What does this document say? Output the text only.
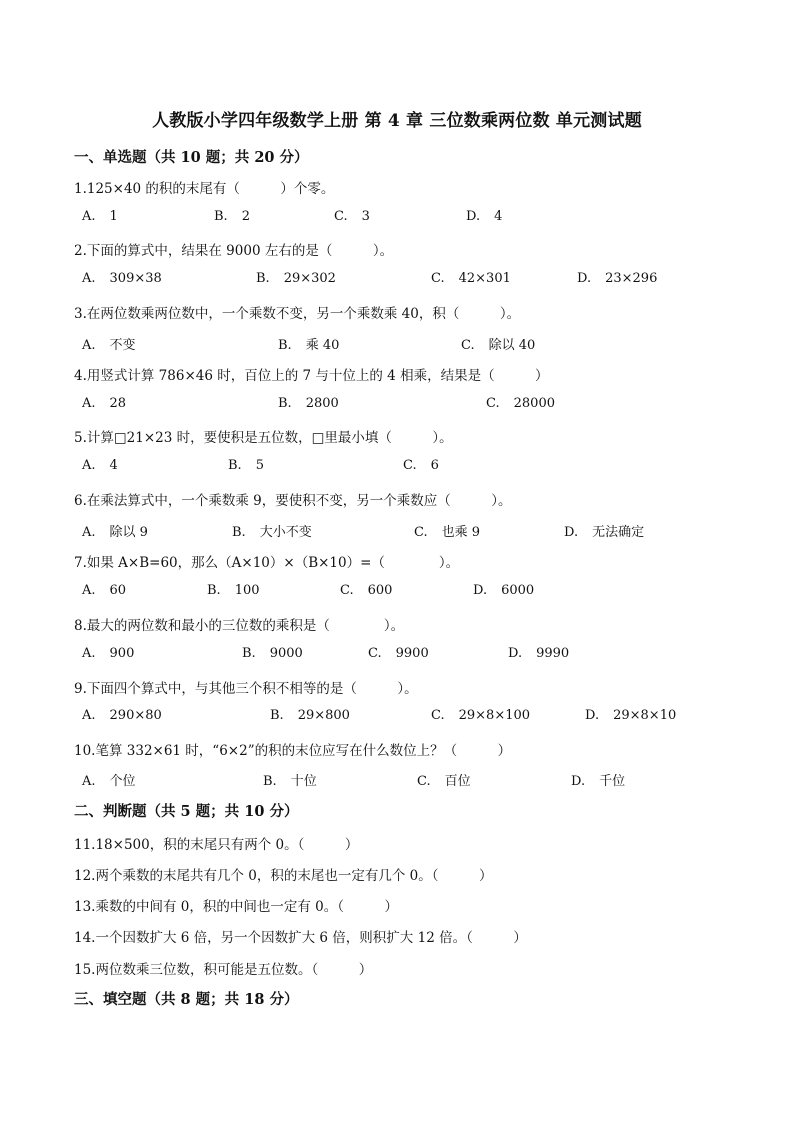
人教版小学四年级数学上册 第 4 章 三位数乘两位数 单元测试题
一、单选题（共 10 题；共 20 分）
1.125×40 的积的末尾有（　　　）个零。
A. 1	B. 2	C. 3	D. 4
2.下面的算式中，结果在 9000 左右的是（　　　）。
A. 309×38	B. 29×302	C. 42×301	D. 23×296
3.在两位数乘两位数中，一个乘数不变，另一个乘数乘 40，积（　　　）。
A. 不变	B. 乘 40	C. 除以 40
4.用竖式计算 786×46 时，百位上的 7 与十位上的 4 相乘，结果是（　　　）
A. 28	B. 2800	C. 28000
5.计算□21×23 时，要使积是五位数，□里最小填（　　　）。
A. 4	B. 5	C. 6
6.在乘法算式中，一个乘数乘 9，要使积不变，另一个乘数应（　　　）。
A. 除以 9	B. 大小不变	C. 也乘 9	D. 无法确定
7.如果 A×B=60，那么（A×10）×（B×10）=（　　　　）。
A. 60	B. 100	C. 600	D. 6000
8.最大的两位数和最小的三位数的乘积是（　　　　）。
A. 900	B. 9000	C. 9900	D. 9990
9.下面四个算式中，与其他三个积不相等的是（　　　）。
A. 290×80	B. 29×800	C. 29×8×100	D. 29×8×10
10.笔算 332×61 时，“6×2”的积的末位应写在什么数位上？（　　　）
A. 个位	B. 十位	C. 百位	D. 千位
二、判断题（共 5 题；共 10 分）
11.18×500，积的末尾只有两个 0。（　　　）
12.两个乘数的末尾共有几个 0，积的末尾也一定有几个 0。（　　　）
13.乘数的中间有 0，积的中间也一定有 0。（　　　）
14.一个因数扩大 6 倍，另一个因数扩大 6 倍，则积扩大 12 倍。（　　　）
15.两位数乘三位数，积可能是五位数。（　　　）
三、填空题（共 8 题；共 18 分）
